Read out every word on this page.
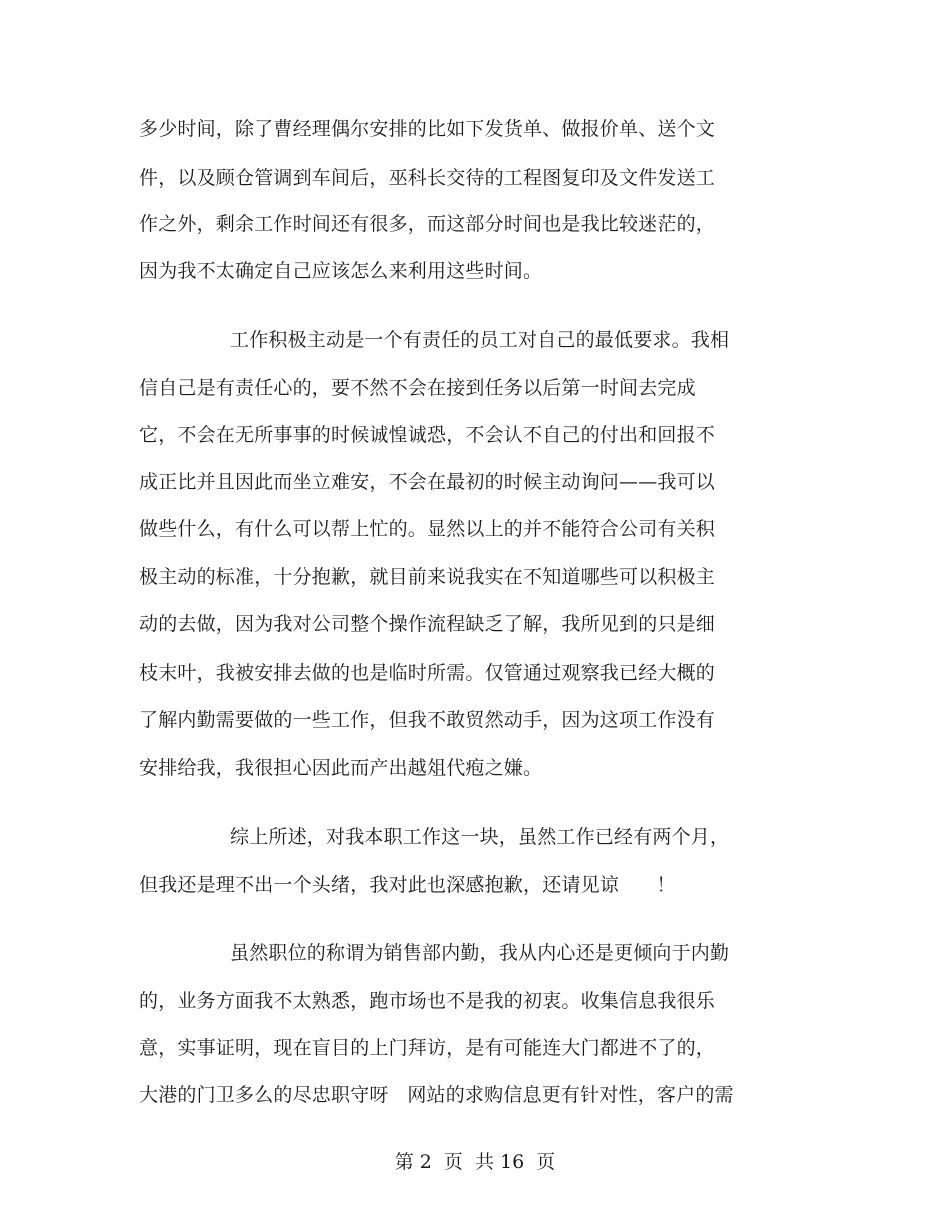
多少时间，除了曹经理偶尔安排的比如下发货单、做报价单、送个文
件，以及顾仓管调到车间后，巫科长交待的工程图复印及文件发送工
作之外，剩余工作时间还有很多，而这部分时间也是我比较迷茫的，
因为我不太确定自己应该怎么来利用这些时间。
工作积极主动是一个有责任的员工对自己的最低要求。我相
信自己是有责任心的，要不然不会在接到任务以后第一时间去完成
它，不会在无所事事的时候诚惶诚恐，不会认不自己的付出和回报不
成正比并且因此而坐立难安，不会在最初的时候主动询问——我可以
做些什么，有什么可以帮上忙的。显然以上的并不能符合公司有关积
极主动的标准，十分抱歉，就目前来说我实在不知道哪些可以积极主
动的去做，因为我对公司整个操作流程缺乏了解，我所见到的只是细
枝末叶，我被安排去做的也是临时所需。仅管通过观察我已经大概的
了解内勤需要做的一些工作，但我不敢贸然动手，因为这项工作没有
安排给我，我很担心因此而产出越俎代疱之嫌。
综上所述，对我本职工作这一块，虽然工作已经有两个月，
但我还是理不出一个头绪，我对此也深感抱歉，还请见谅      ！
虽然职位的称谓为销售部内勤，我从内心还是更倾向于内勤
的，业务方面我不太熟悉，跑市场也不是我的初衷。收集信息我很乐
意，实事证明，现在盲目的上门拜访，是有可能连大门都进不了的，
大港的门卫多么的尽忠职守呀   网站的求购信息更有针对性，客户的需
第 2  页  共 16  页
